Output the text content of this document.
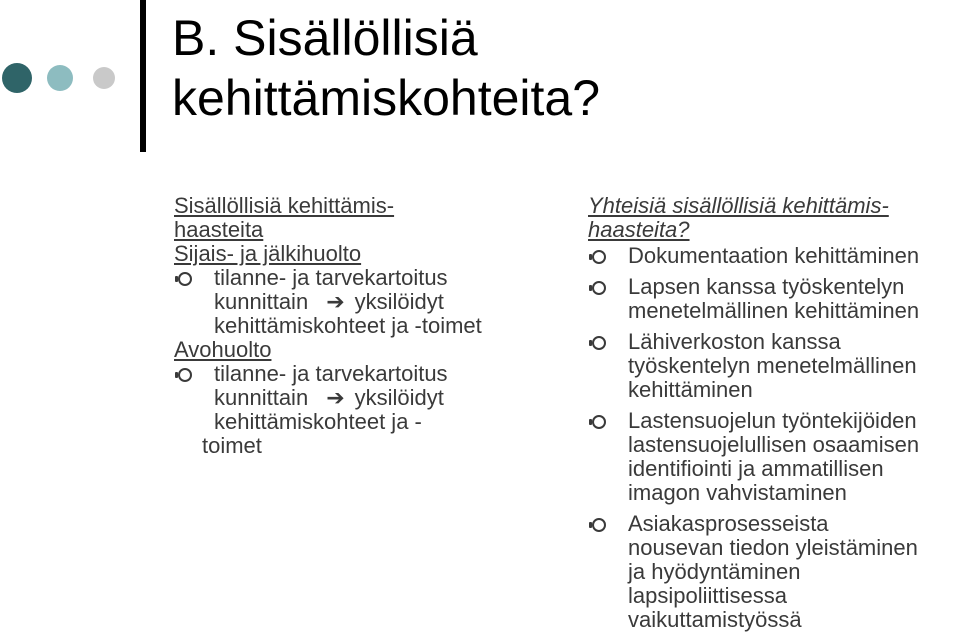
B. Sisällöllisiä
kehittämiskohteita?
Sisällöllisiä kehittämis-
haasteita
Sijais- ja jälkihuolto
tilanne- ja tarvekartoitus
kunnittain ➔ yksilöidyt
kehittämiskohteet ja -toimet
Avohuolto
tilanne- ja tarvekartoitus
kunnittain ➔ yksilöidyt
kehittämiskohteet ja -
toimet
Yhteisiä sisällöllisiä kehittämis-
haasteita?
Dokumentaation kehittäminen
Lapsen kanssa työskentelyn
menetelmällinen kehittäminen
Lähiverkoston kanssa
työskentelyn menetelmällinen
kehittäminen
Lastensuojelun työntekijöiden
lastensuojelullisen osaamisen
identifiointi ja ammatillisen
imagon vahvistaminen
Asiakasprosesseista
nousevan tiedon yleistäminen
ja hyödyntäminen
lapsipoliittisessa
vaikuttamistyössä
